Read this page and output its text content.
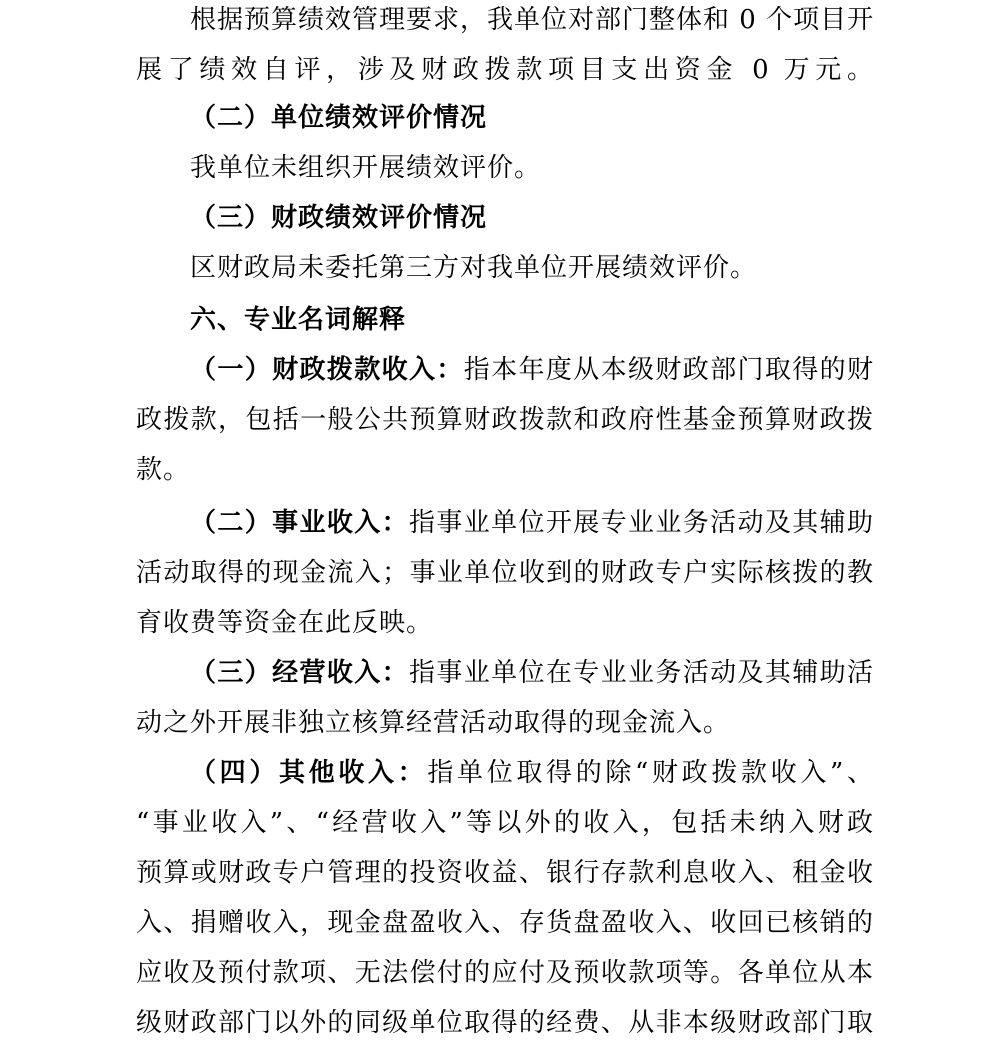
根据预算绩效管理要求，我单位对部门整体和 0 个项目开
展了绩效自评，涉及财政拨款项目支出资金 0 万元。
（二）单位绩效评价情况
我单位未组织开展绩效评价。
（三）财政绩效评价情况
区财政局未委托第三方对我单位开展绩效评价。
六、专业名词解释
（一）财政拨款收入：指本年度从本级财政部门取得的财
政拨款，包括一般公共预算财政拨款和政府性基金预算财政拨
款。
（二）事业收入：指事业单位开展专业业务活动及其辅助
活动取得的现金流入；事业单位收到的财政专户实际核拨的教
育收费等资金在此反映。
（三）经营收入：指事业单位在专业业务活动及其辅助活
动之外开展非独立核算经营活动取得的现金流入。
（四）其他收入：指单位取得的除“财政拨款收入”、
“事业收入”、“经营收入”等以外的收入，包括未纳入财政
预算或财政专户管理的投资收益、银行存款利息收入、租金收
入、捐赠收入，现金盘盈收入、存货盘盈收入、收回已核销的
应收及预付款项、无法偿付的应付及预收款项等。各单位从本
级财政部门以外的同级单位取得的经费、从非本级财政部门取
